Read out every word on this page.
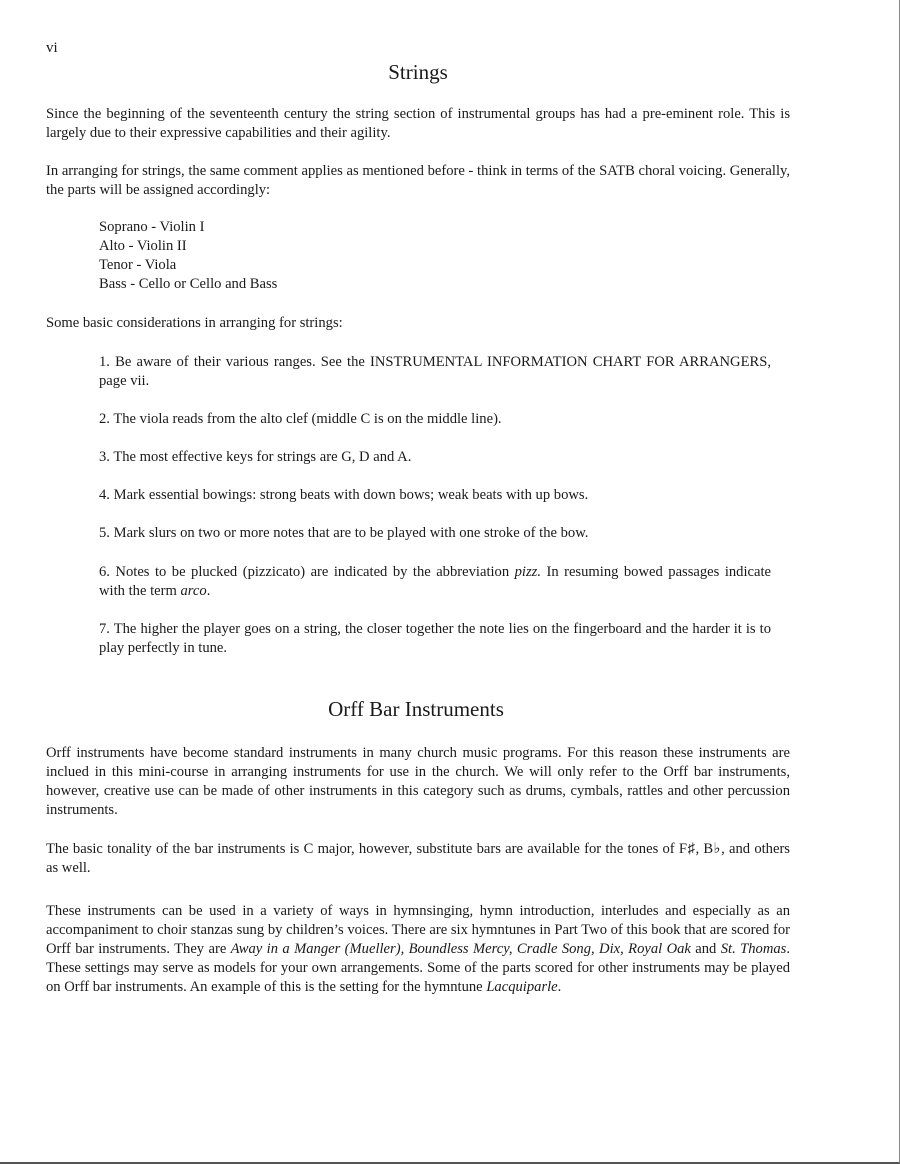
vi
Strings

Since the beginning of the seventeenth century the string section of instrumental groups has had a pre-eminent role. This is largely due to their expressive capabilities and their agility.

In arranging for strings, the same comment applies as mentioned before - think in terms of the SATB choral voicing. Generally, the parts will be assigned accordingly:

Soprano - Violin I
Alto - Violin II
Tenor - Viola
Bass - Cello or Cello and Bass

Some basic considerations in arranging for strings:

1. Be aware of their various ranges. See the INSTRUMENTAL INFORMATION CHART FOR ARRANGERS, page vii.

2. The viola reads from the alto clef (middle C is on the middle line).

3. The most effective keys for strings are G, D and A.

4. Mark essential bowings: strong beats with down bows; weak beats with up bows.

5. Mark slurs on two or more notes that are to be played with one stroke of the bow.

6. Notes to be plucked (pizzicato) are indicated by the abbreviation pizz. In resuming bowed passages indicate with the term arco.

7. The higher the player goes on a string, the closer together the note lies on the fingerboard and the harder it is to play perfectly in tune.

Orff Bar Instruments

Orff instruments have become standard instruments in many church music programs. For this reason these instruments are inclued in this mini-course in arranging instruments for use in the church. We will only refer to the Orff bar instruments, however, creative use can be made of other instruments in this category such as drums, cymbals, rattles and other percussion instruments.

The basic tonality of the bar instruments is C major, however, substitute bars are available for the tones of F♯, B♭, and others as well.

These instruments can be used in a variety of ways in hymnsinging, hymn introduction, interludes and especially as an accompaniment to choir stanzas sung by children’s voices. There are six hymntunes in Part Two of this book that are scored for Orff bar instruments. They are Away in a Manger (Mueller), Boundless Mercy, Cradle Song, Dix, Royal Oak and St. Thomas. These settings may serve as models for your own arrangements. Some of the parts scored for other instruments may be played on Orff bar instruments. An example of this is the setting for the hymntune Lacquiparle.
